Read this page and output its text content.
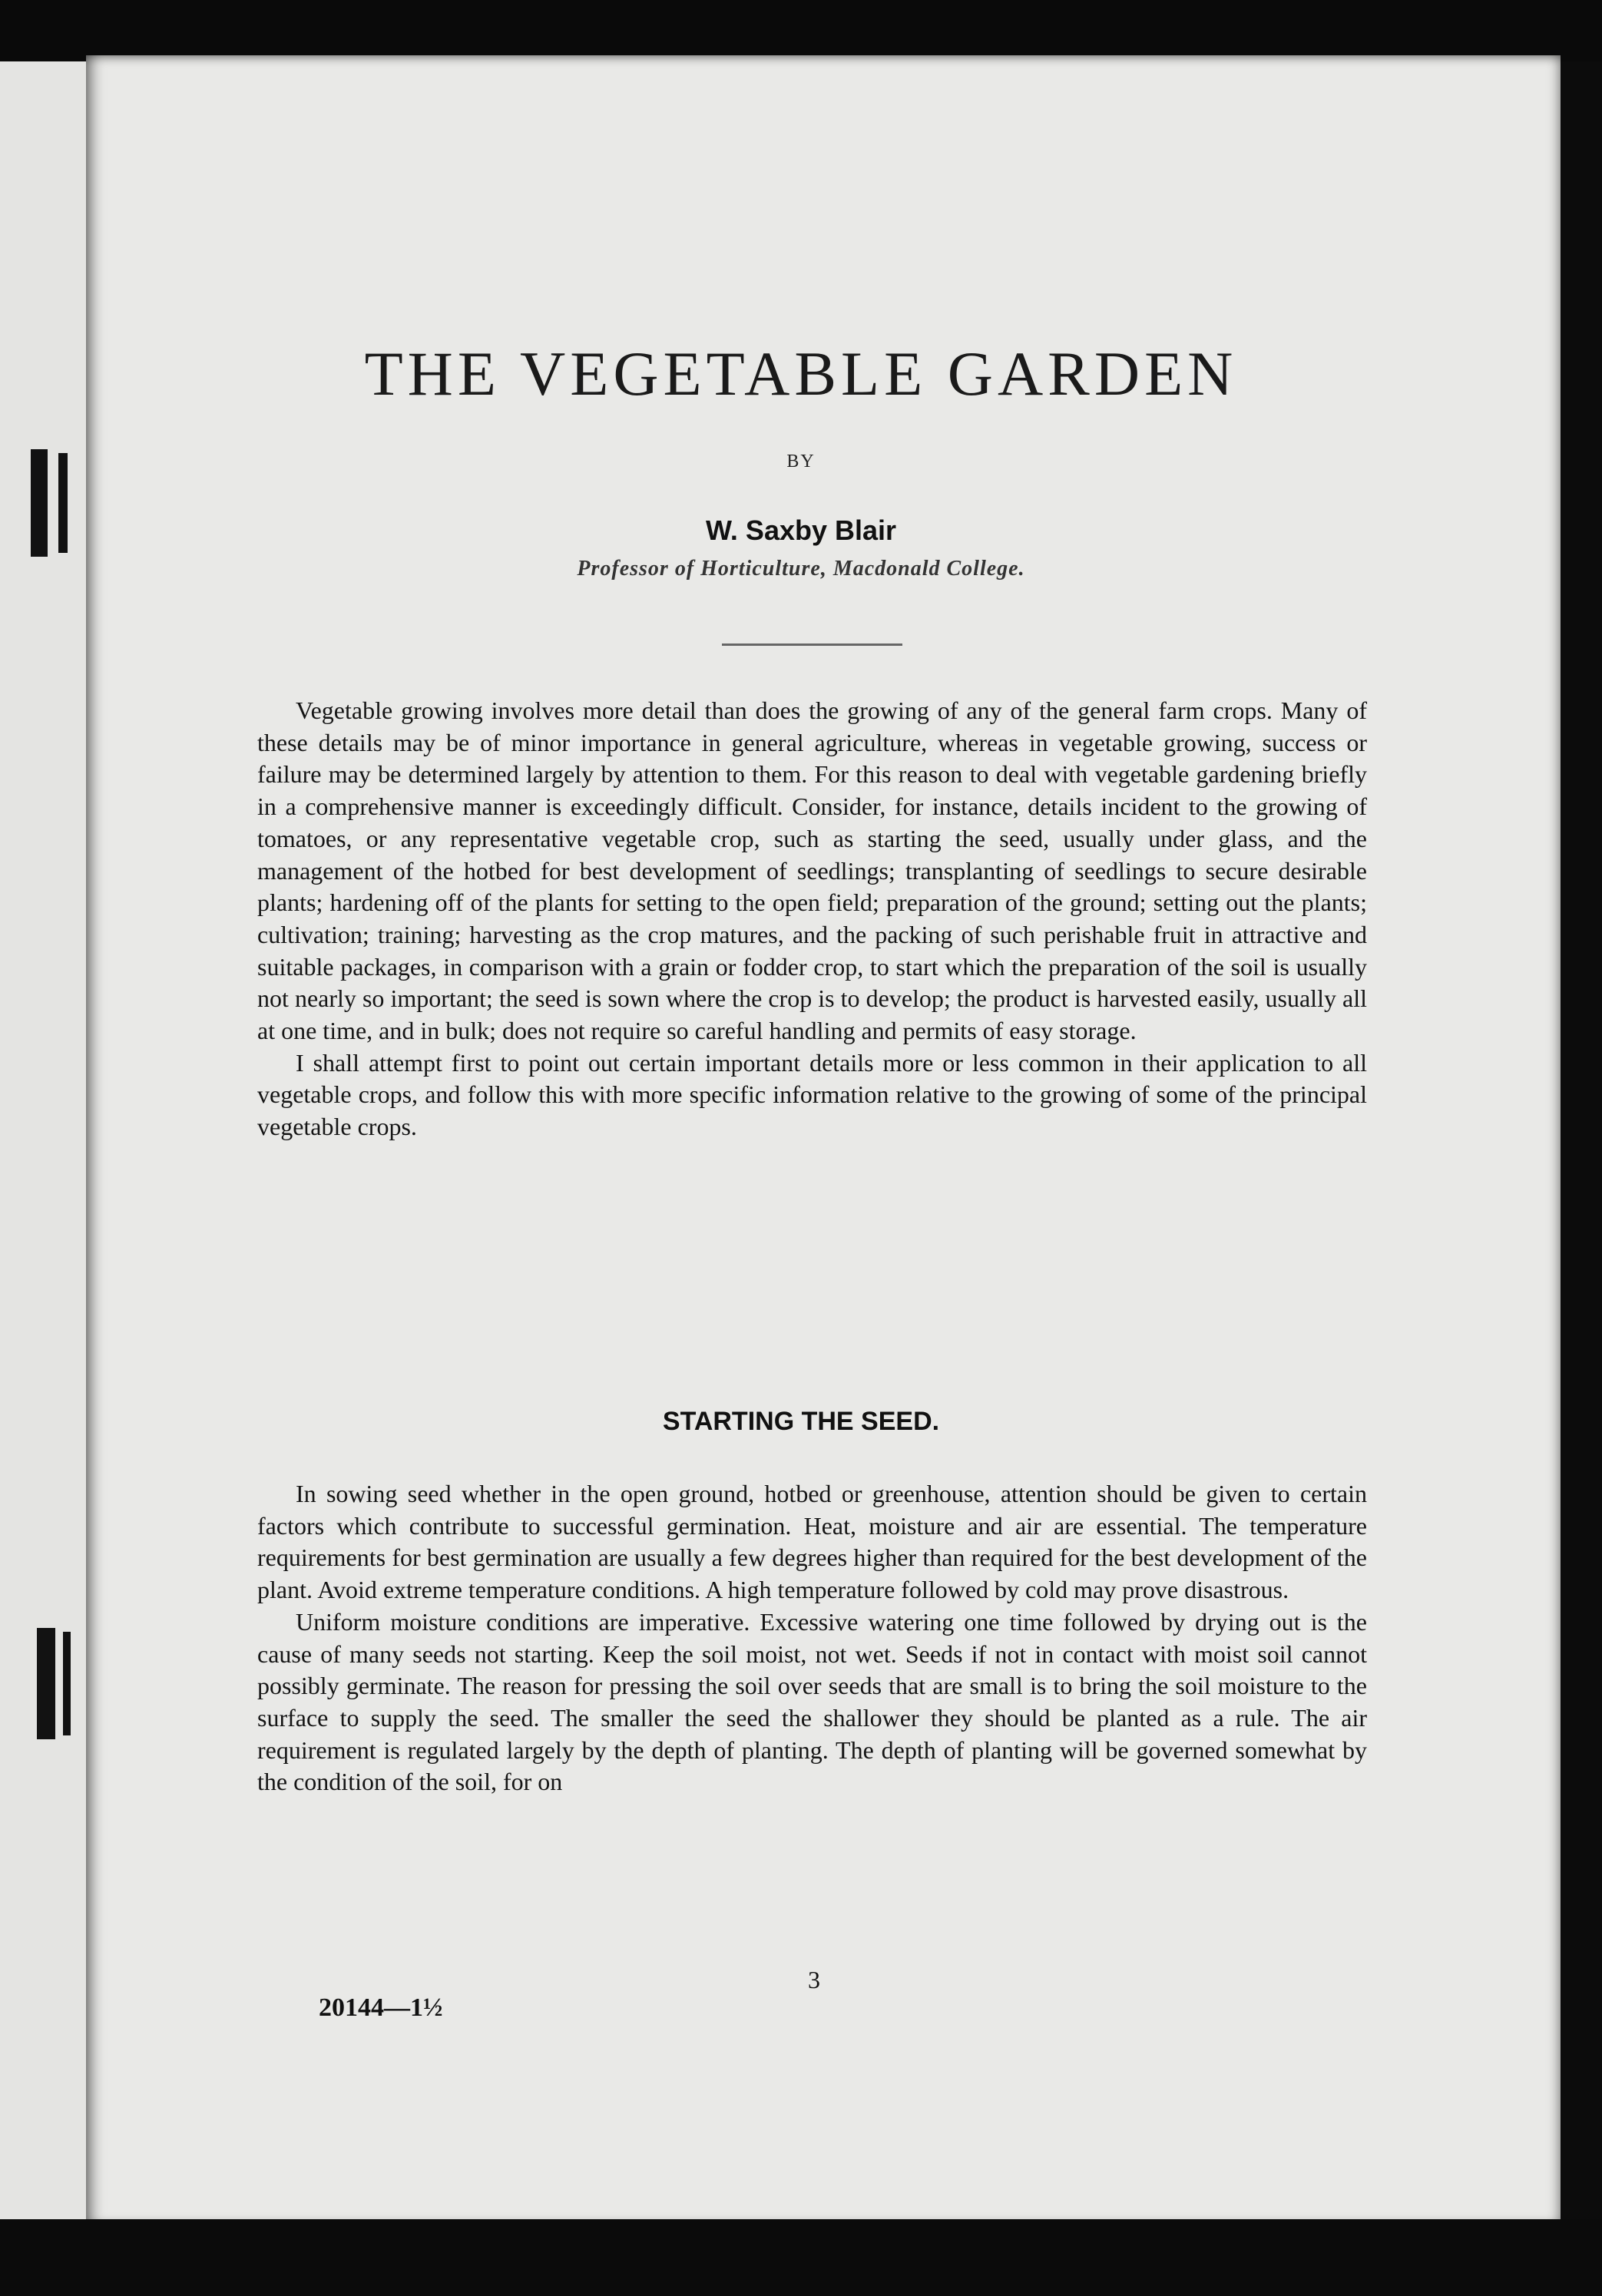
THE VEGETABLE GARDEN
BY
W. Saxby Blair
Professor of Horticulture, Macdonald College.

Vegetable growing involves more detail than does the growing of any of the general farm crops. Many of these details may be of minor importance in general agriculture, whereas in vegetable growing, success or failure may be determined largely by attention to them. For this reason to deal with vegetable gardening briefly in a comprehensive manner is exceedingly difficult. Consider, for instance, details incident to the growing of tomatoes, or any representative vegetable crop, such as starting the seed, usually under glass, and the management of the hotbed for best development of seedlings; transplanting of seedlings to secure desirable plants; hardening off of the plants for setting to the open field; preparation of the ground; setting out the plants; cultivation; training; harvesting as the crop matures, and the packing of such perishable fruit in attractive and suitable packages, in comparison with a grain or fodder crop, to start which the preparation of the soil is usually not nearly so important; the seed is sown where the crop is to develop; the product is harvested easily, usually all at one time, and in bulk; does not require so careful handling and permits of easy storage.

I shall attempt first to point out certain important details more or less common in their application to all vegetable crops, and follow this with more specific information relative to the growing of some of the principal vegetable crops.

STARTING THE SEED.

In sowing seed whether in the open ground, hotbed or greenhouse, attention should be given to certain factors which contribute to successful germination. Heat, moisture and air are essential. The temperature requirements for best germination are usually a few degrees higher than required for the best development of the plant. Avoid extreme temperature conditions. A high temperature followed by cold may prove disastrous.

Uniform moisture conditions are imperative. Excessive watering one time followed by drying out is the cause of many seeds not starting. Keep the soil moist, not wet. Seeds if not in contact with moist soil cannot possibly germinate. The reason for pressing the soil over seeds that are small is to bring the soil moisture to the surface to supply the seed. The smaller the seed the shallower they should be planted as a rule. The air requirement is regulated largely by the depth of planting. The depth of planting will be governed somewhat by the condition of the soil, for on

3
20144—1½
